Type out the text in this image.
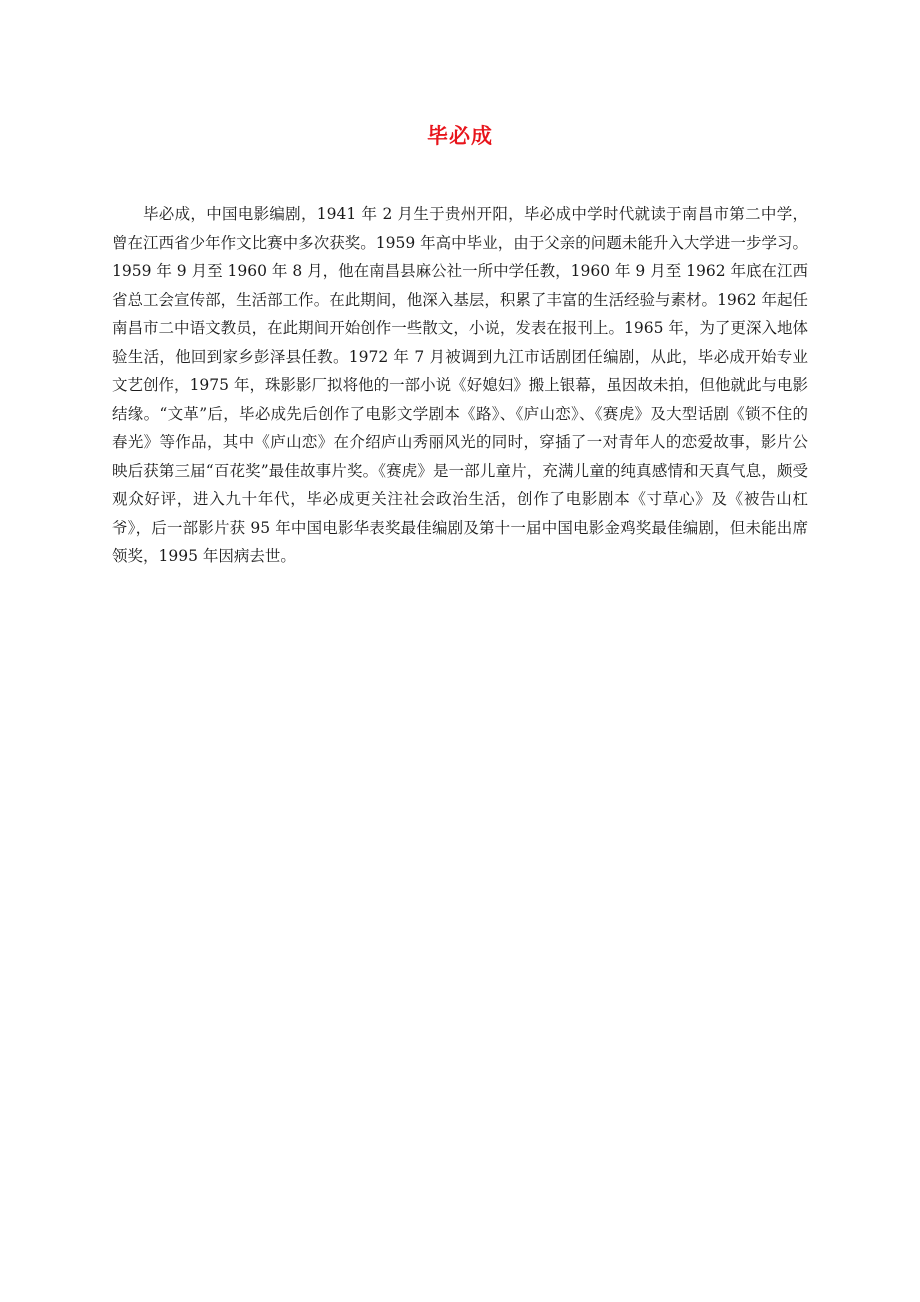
毕必成

毕必成，中国电影编剧，1941 年 2 月生于贵州开阳，毕必成中学时代就读于南昌市第二中学，曾在江西省少年作文比赛中多次获奖。1959 年高中毕业，由于父亲的问题未能升入大学进一步学习。1959 年 9 月至 1960 年 8 月，他在南昌县麻公社一所中学任教，1960 年 9 月至 1962 年底在江西省总工会宣传部，生活部工作。在此期间，他深入基层，积累了丰富的生活经验与素材。1962 年起任南昌市二中语文教员，在此期间开始创作一些散文，小说，发表在报刊上。1965 年，为了更深入地体验生活，他回到家乡彭泽县任教。1972 年 7 月被调到九江市话剧团任编剧，从此，毕必成开始专业文艺创作，1975 年，珠影影厂拟将他的一部小说《好媳妇》搬上银幕，虽因故未拍，但他就此与电影结缘。“文革”后，毕必成先后创作了电影文学剧本《路》、《庐山恋》、《赛虎》及大型话剧《锁不住的春光》等作品，其中《庐山恋》在介绍庐山秀丽风光的同时，穿插了一对青年人的恋爱故事，影片公映后获第三届“百花奖”最佳故事片奖。《赛虎》是一部儿童片，充满儿童的纯真感情和天真气息，颇受观众好评，进入九十年代，毕必成更关注社会政治生活，创作了电影剧本《寸草心》及《被告山杠爷》，后一部影片获 95 年中国电影华表奖最佳编剧及第十一届中国电影金鸡奖最佳编剧，但未能出席领奖，1995 年因病去世。
